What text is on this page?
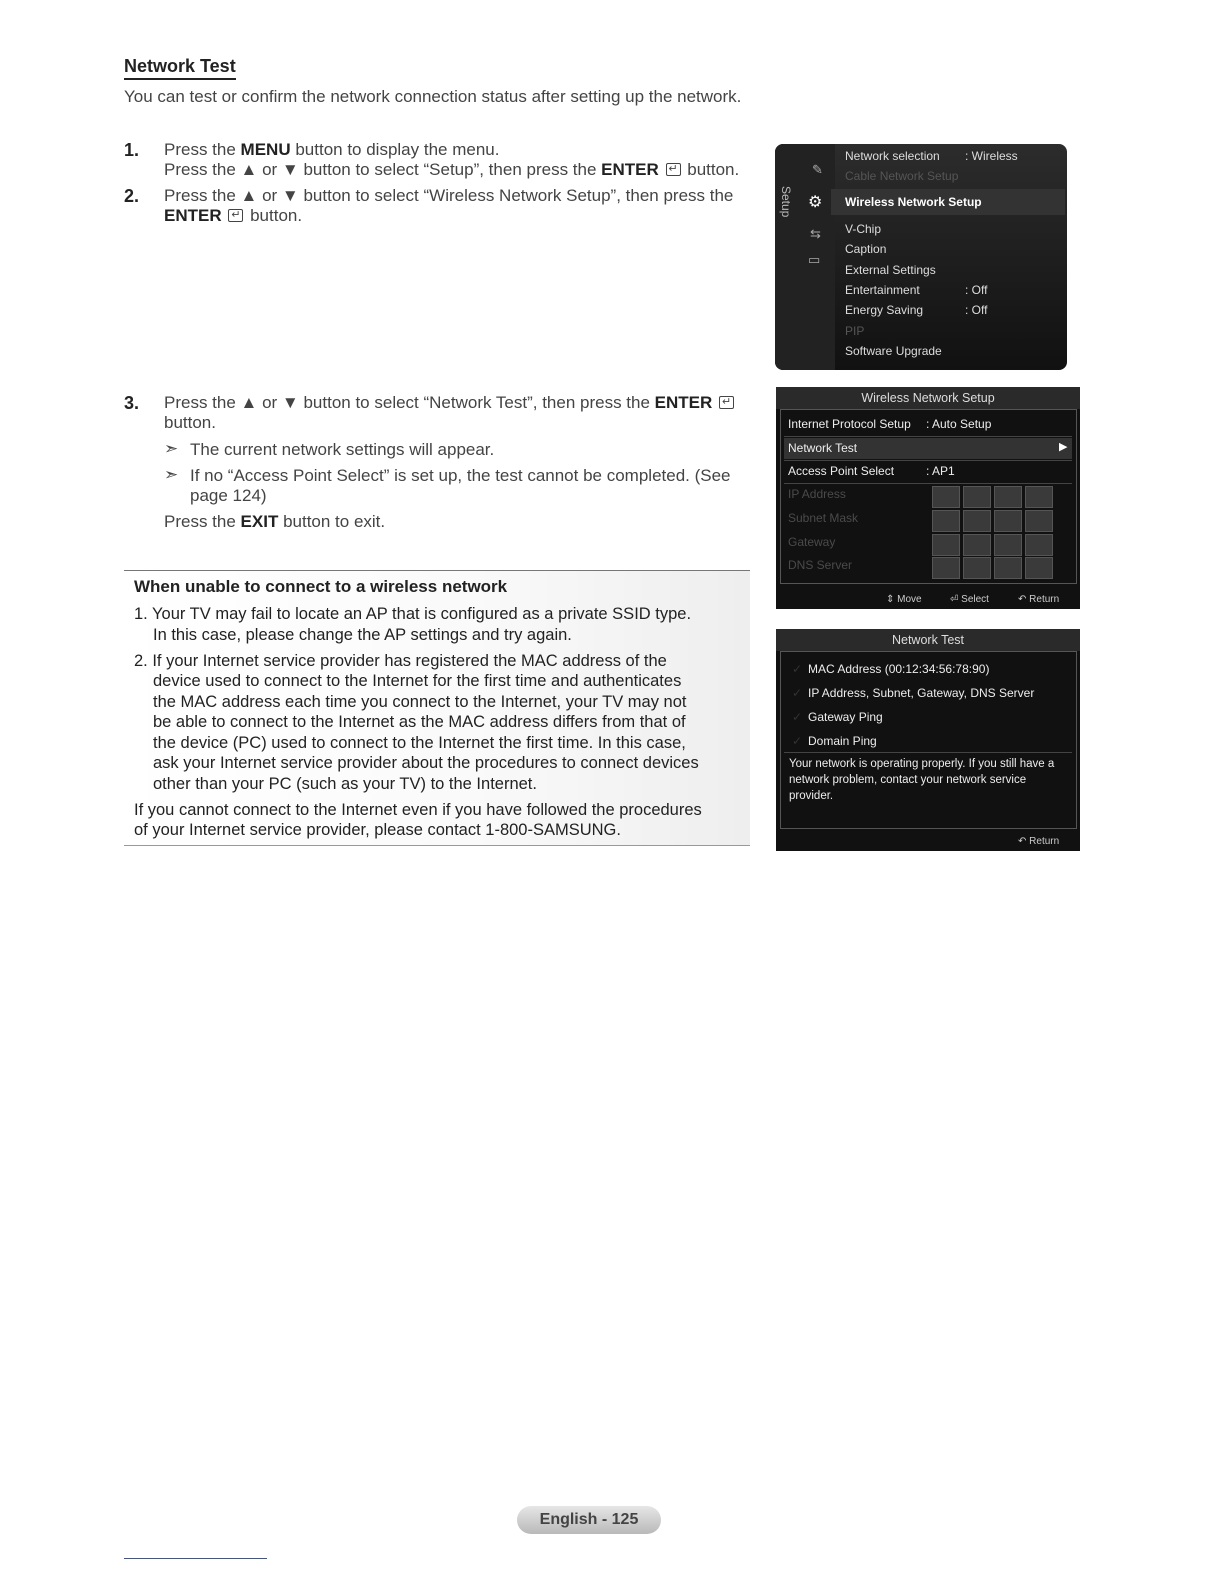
Network Test
You can test or confirm the network connection status after setting up the network.
1. Press the MENU button to display the menu.
Press the ▲ or ▼ button to select “Setup”, then press the ENTER ↵ button.
2. Press the ▲ or ▼ button to select “Wireless Network Setup”, then press the
ENTER ↵ button.
3. Press the ▲ or ▼ button to select “Network Test”, then press the ENTER ↵
button.
➣ The current network settings will appear.
➣ If no “Access Point Select” is set up, the test cannot be completed. (See
page 124)
Press the EXIT button to exit.
When unable to connect to a wireless network
1. Your TV may fail to locate an AP that is configured as a private SSID type.
In this case, please change the AP settings and try again.
2. If your Internet service provider has registered the MAC address of the
device used to connect to the Internet for the first time and authenticates
the MAC address each time you connect to the Internet, your TV may not
be able to connect to the Internet as the MAC address differs from that of
the device (PC) used to connect to the Internet the first time. In this case,
ask your Internet service provider about the procedures to connect devices
other than your PC (such as your TV) to the Internet.
If you cannot connect to the Internet even if you have followed the procedures
of your Internet service provider, please contact 1-800-SAMSUNG.
Setup
✎
⚙
⇆
▭
Network selection : Wireless
Cable Network Setup
Wireless Network Setup
V-Chip
Caption
External Settings
Entertainment	: Off
Energy Saving	: Off
PIP
Software Upgrade
Wireless Network Setup
Internet Protocol Setup : Auto Setup
Network Test	▶
Access Point Select	: AP1
IP Address
Subnet Mask
Gateway
DNS Server
⇕ Move	⏎ Select	↶ Return
Network Test
✓ MAC Address (00:12:34:56:78:90)
✓ IP Address, Subnet, Gateway, DNS Server
✓ Gateway Ping
✓ Domain Ping
Your network is operating properly. If you still have a network problem, contact your network service provider.
↶ Return
English - 125
